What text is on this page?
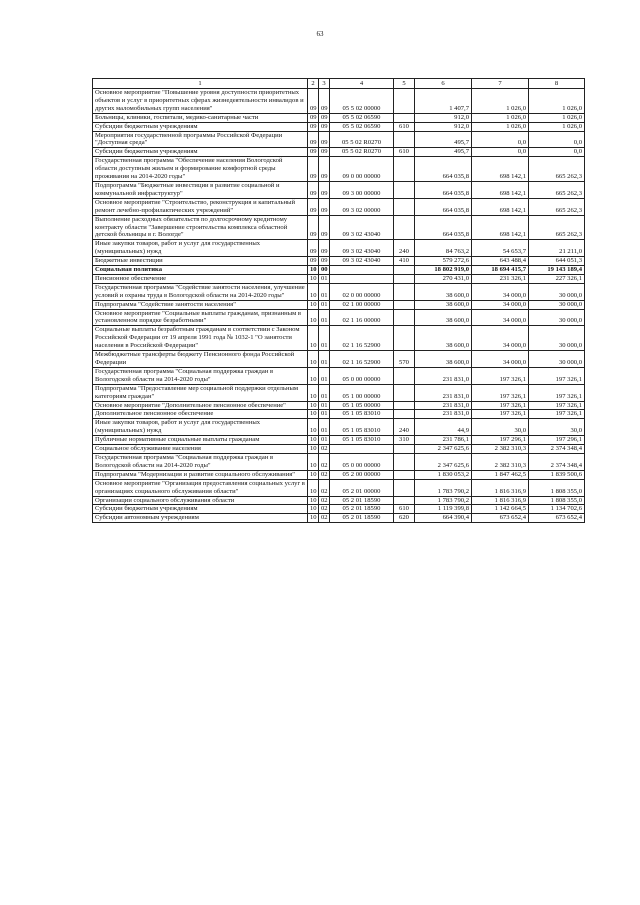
63
1	2	3	4	5	6	7	8
Основное мероприятие "Повышение уровня доступности приоритетных объектов и услуг в приоритетных сферах жизнедеятельности инвалидов и других маломобильных групп населения"	09	09	05 5 02 00000		1 407,7	1 026,0	1 026,0
Больницы, клиники, госпитали, медико-санитарные части	09	09	05 5 02 06590		912,0	1 026,0	1 026,0
Субсидии бюджетным учреждениям	09	09	05 5 02 06590	610	912,0	1 026,0	1 026,0
Мероприятия государственной программы Российской Федерации "Доступная среда"	09	09	05 5 02 R0270		495,7	0,0	0,0
Субсидии бюджетным учреждениям	09	09	05 5 02 R0270	610	495,7	0,0	0,0
Государственная программа "Обеспечение населения Вологодской области доступным жильем и формирование комфортной среды проживания на 2014-2020 годы"	09	09	09 0 00 00000		664 035,8	698 142,1	665 262,3
Подпрограмма "Бюджетные инвестиции в развитие социальной и коммунальной инфраструктур"	09	09	09 3 00 00000		664 035,8	698 142,1	665 262,3
Основное мероприятие "Строительство, реконструкция и капитальный ремонт лечебно-профилактических учреждений"	09	09	09 3 02 00000		664 035,8	698 142,1	665 262,3
Выполнение расходных обязательств по долгосрочному кредитному контракту области "Завершение строительства комплекса областной детской больницы в г. Вологде"	09	09	09 3 02 43040		664 035,8	698 142,1	665 262,3
Иные закупки товаров, работ и услуг для государственных (муниципальных) нужд	09	09	09 3 02 43040	240	84 763,2	54 653,7	21 211,0
Бюджетные инвестиции	09	09	09 3 02 43040	410	579 272,6	643 488,4	644 051,3
Социальная политика	10	00			18 802 919,0	18 694 415,7	19 143 189,4
Пенсионное обеспечение	10	01			270 431,0	231 326,1	227 326,1
Государственная программа "Содействие занятости населения, улучшение условий и охраны труда в Вологодской области на 2014-2020 годы"	10	01	02 0 00 00000		38 600,0	34 000,0	30 000,0
Подпрограмма "Содействие занятости населения"	10	01	02 1 00 00000		38 600,0	34 000,0	30 000,0
Основное мероприятие "Социальные выплаты гражданам, признанным в установленном порядке безработными"	10	01	02 1 16 00000		38 600,0	34 000,0	30 000,0
Социальные выплаты безработным гражданам в соответствии с Законом Российской Федерации от 19 апреля 1991 года № 1032-1 "О занятости населения в Российской Федерации"	10	01	02 1 16 52900		38 600,0	34 000,0	30 000,0
Межбюджетные трансферты бюджету Пенсионного фонда Российской Федерации	10	01	02 1 16 52900	570	38 600,0	34 000,0	30 000,0
Государственная программа "Социальная поддержка граждан в Вологодской области на 2014-2020 годы"	10	01	05 0 00 00000		231 831,0	197 326,1	197 326,1
Подпрограмма "Предоставление мер социальной поддержки отдельным категориям граждан"	10	01	05 1 00 00000		231 831,0	197 326,1	197 326,1
Основное мероприятие "Дополнительное пенсионное обеспечение"	10	01	05 1 05 00000		231 831,0	197 326,1	197 326,1
Дополнительное пенсионное обеспечение	10	01	05 1 05 83010		231 831,0	197 326,1	197 326,1
Иные закупки товаров, работ и услуг для государственных (муниципальных) нужд	10	01	05 1 05 83010	240	44,9	30,0	30,0
Публичные нормативные социальные выплаты гражданам	10	01	05 1 05 83010	310	231 786,1	197 296,1	197 296,1
Социальное обслуживание населения	10	02			2 347 625,6	2 382 310,3	2 374 348,4
Государственная программа "Социальная поддержка граждан в Вологодской области на 2014-2020 годы"	10	02	05 0 00 00000		2 347 625,6	2 382 310,3	2 374 348,4
Подпрограмма "Модернизация и развитие социального обслуживания"	10	02	05 2 00 00000		1 830 053,2	1 847 462,5	1 839 500,6
Основное мероприятие "Организация предоставления социальных услуг в организациях социального обслуживания области"	10	02	05 2 01 00000		1 783 790,2	1 816 316,9	1 808 355,0
Организации социального обслуживания области	10	02	05 2 01 18590		1 783 790,2	1 816 316,9	1 808 355,0
Субсидии бюджетным учреждениям	10	02	05 2 01 18590	610	1 119 399,8	1 142 664,5	1 134 702,6
Субсидии автономным учреждениям	10	02	05 2 01 18590	620	664 390,4	673 652,4	673 652,4
